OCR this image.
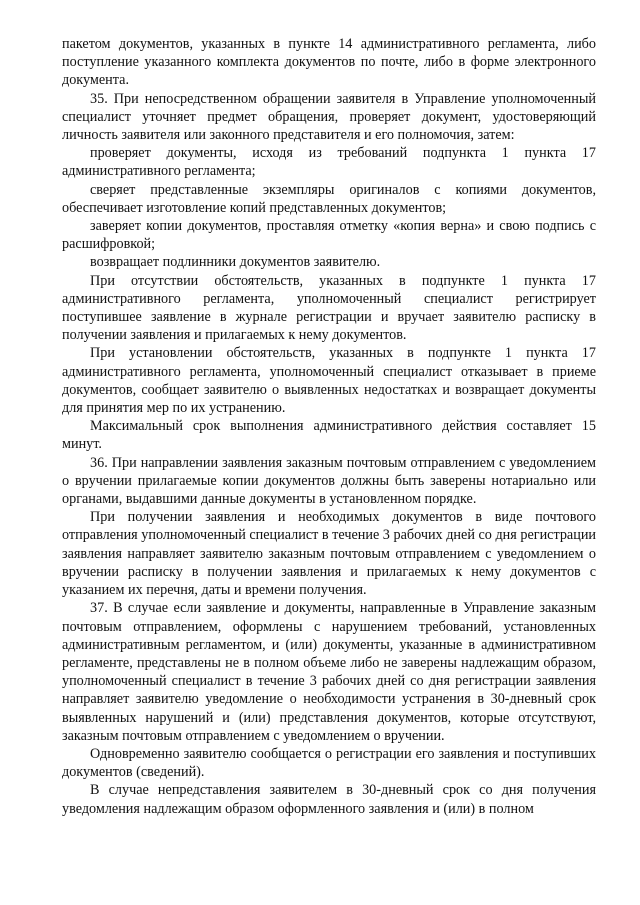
пакетом документов, указанных в пункте 14 административного регламента, либо поступление указанного комплекта документов по почте, либо в форме электронного документа.

35. При непосредственном обращении заявителя в Управление уполномоченный специалист уточняет предмет обращения, проверяет документ, удостоверяющий личность заявителя или законного представителя и его полномочия, затем:

проверяет документы, исходя из требований подпункта 1 пункта 17 административного регламента;

сверяет представленные экземпляры оригиналов с копиями документов, обеспечивает изготовление копий представленных документов;

заверяет копии документов, проставляя отметку «копия верна» и свою подпись с расшифровкой;

возвращает подлинники документов заявителю.

При отсутствии обстоятельств, указанных в подпункте 1 пункта 17 административного регламента, уполномоченный специалист регистрирует поступившее заявление в журнале регистрации и вручает заявителю расписку в получении заявления и прилагаемых к нему документов.

При установлении обстоятельств, указанных в подпункте 1 пункта 17 административного регламента, уполномоченный специалист отказывает в приеме документов, сообщает заявителю о выявленных недостатках и возвращает документы для принятия мер по их устранению.

Максимальный срок выполнения административного действия составляет 15 минут.

36. При направлении заявления заказным почтовым отправлением с уведомлением о вручении прилагаемые копии документов должны быть заверены нотариально или органами, выдавшими данные документы в установленном порядке.

При получении заявления и необходимых документов в виде почтового отправления уполномоченный специалист в течение 3 рабочих дней со дня регистрации заявления направляет заявителю заказным почтовым отправлением с уведомлением о вручении расписку в получении заявления и прилагаемых к нему документов с указанием их перечня, даты и времени получения.

37. В случае если заявление и документы, направленные в Управление заказным почтовым отправлением, оформлены с нарушением требований, установленных административным регламентом, и (или) документы, указанные в административном регламенте, представлены не в полном объеме либо не заверены надлежащим образом, уполномоченный специалист в течение 3 рабочих дней со дня регистрации заявления направляет заявителю уведомление о необходимости устранения в 30-дневный срок выявленных нарушений и (или) представления документов, которые отсутствуют, заказным почтовым отправлением с уведомлением о вручении.

Одновременно заявителю сообщается о регистрации его заявления и поступивших документов (сведений).

В случае непредставления заявителем в 30-дневный срок со дня получения уведомления надлежащим образом оформленного заявления и (или) в полном
